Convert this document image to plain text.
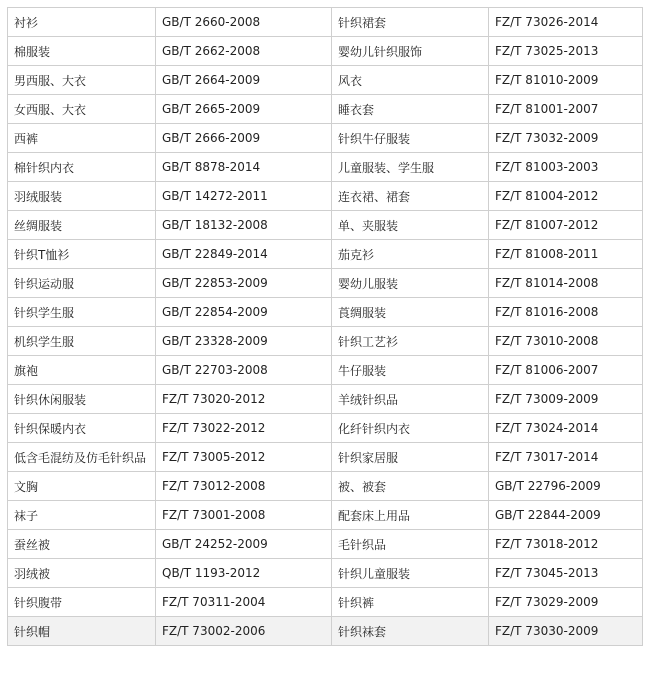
衬衫	GB/T 2660-2008	针织裙套	FZ/T 73026-2014
棉服装	GB/T 2662-2008	婴幼儿针织服饰	FZ/T 73025-2013
男西服、大衣	GB/T 2664-2009	风衣	FZ/T 81010-2009
女西服、大衣	GB/T 2665-2009	睡衣套	FZ/T 81001-2007
西裤	GB/T 2666-2009	针织牛仔服装	FZ/T 73032-2009
棉针织内衣	GB/T 8878-2014	儿童服装、学生服	FZ/T 81003-2003
羽绒服装	GB/T 14272-2011	连衣裙、裙套	FZ/T 81004-2012
丝绸服装	GB/T 18132-2008	单、夹服装	FZ/T 81007-2012
针织T恤衫	GB/T 22849-2014	茄克衫	FZ/T 81008-2011
针织运动服	GB/T 22853-2009	婴幼儿服装	FZ/T 81014-2008
针织学生服	GB/T 22854-2009	莨绸服装	FZ/T 81016-2008
机织学生服	GB/T 23328-2009	针织工艺衫	FZ/T 73010-2008
旗袍	GB/T 22703-2008	牛仔服装	FZ/T 81006-2007
针织休闲服装	FZ/T 73020-2012	羊绒针织品	FZ/T 73009-2009
针织保暖内衣	FZ/T 73022-2012	化纤针织内衣	FZ/T 73024-2014
低含毛混纺及仿毛针织品	FZ/T 73005-2012	针织家居服	FZ/T 73017-2014
文胸	FZ/T 73012-2008	被、被套	GB/T 22796-2009
袜子	FZ/T 73001-2008	配套床上用品	GB/T 22844-2009
蚕丝被	GB/T 24252-2009	毛针织品	FZ/T 73018-2012
羽绒被	QB/T 1193-2012	针织儿童服装	FZ/T 73045-2013
针织腹带	FZ/T 70311-2004	针织裤	FZ/T 73029-2009
针织帽	FZ/T 73002-2006	针织袜套	FZ/T 73030-2009
